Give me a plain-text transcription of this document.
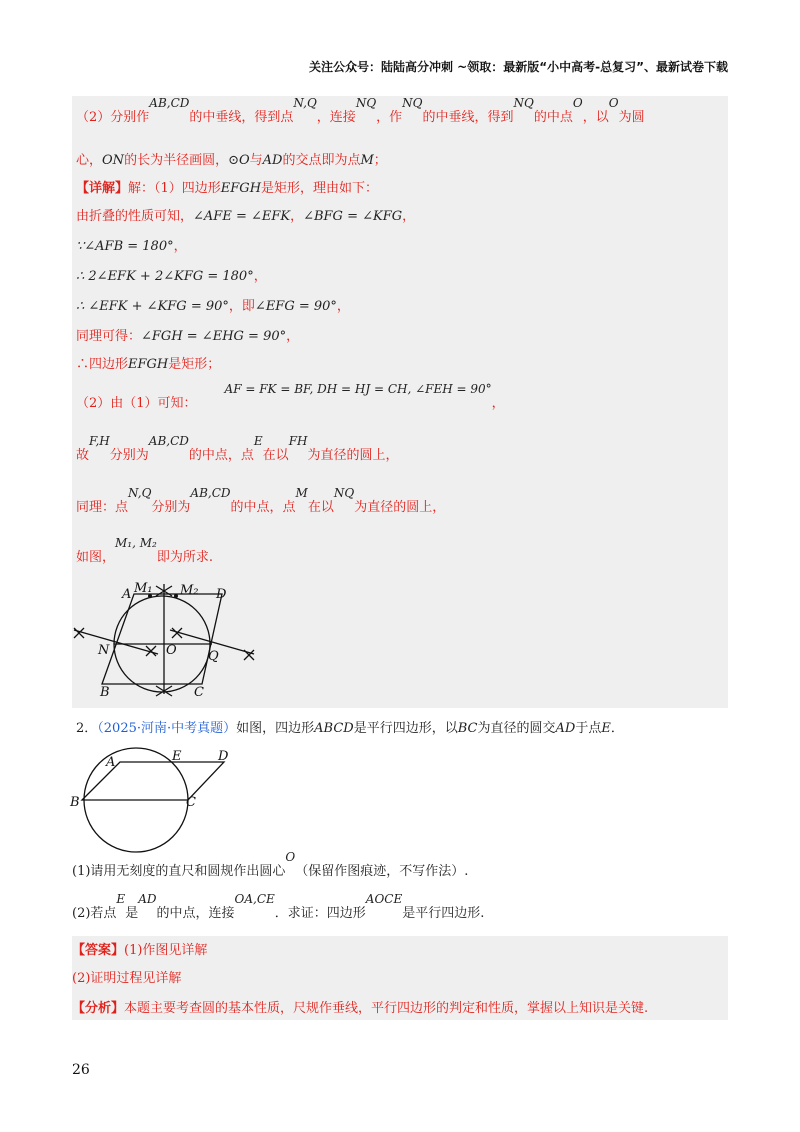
关注公众号：陆陆高分冲刺 ~领取：最新版“小中高考-总复习”、最新试卷下载
（2）分别作AB,CD的中垂线，得到点N,Q，连接NQ，作NQ的中垂线，得到NQ的中点O，以O为圆
心，ON的长为半径画圆，⊙O与AD的交点即为点M；
【详解】解：（1）四边形EFGH是矩形，理由如下：
由折叠的性质可知，∠AFE = ∠EFK，∠BFG = ∠KFG，
∵∠AFB = 180°，
∴ 2∠EFK + 2∠KFG = 180°，
∴ ∠EFK + ∠KFG = 90°，即∠EFG = 90°，
同理可得：∠FGH = ∠EHG = 90°，
∴四边形EFGH是矩形；
（2）由（1）可知：AF = FK = BF, DH = HJ = CH, ∠FEH = 90°，
故F,H分别为AB,CD的中点，点E在以FH为直径的圆上，
同理：点N,Q分别为AB,CD的中点，点M在以NQ为直径的圆上，
如图，M₁, M₂即为所求.
A M₁ M₂ D
N	O Q
B	C
2．（2025·河南·中考真题）如图，四边形ABCD是平行四边形，以BC为直径的圆交AD于点E．
A	E	D
B	C
(1)请用无刻度的直尺和圆规作出圆心O（保留作图痕迹，不写作法）.
(2)若点E是AD的中点，连接OA,CE．求证：四边形AOCE是平行四边形.
【答案】(1)作图见详解
(2)证明过程见详解
【分析】本题主要考查圆的基本性质，尺规作垂线，平行四边形的判定和性质，掌握以上知识是关键.
26
